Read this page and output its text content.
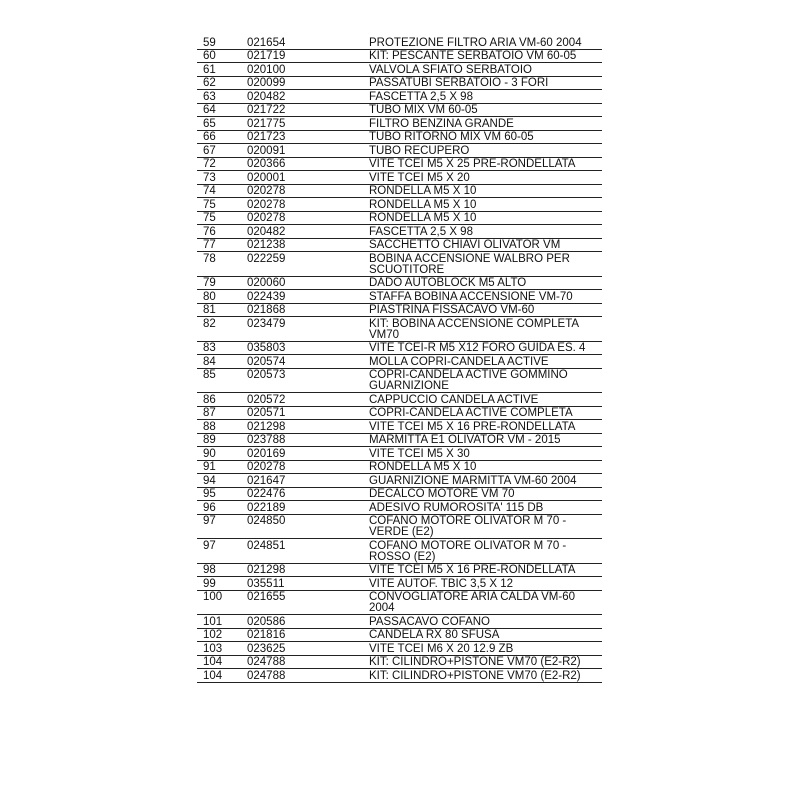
59	021654	PROTEZIONE FILTRO ARIA VM-60 2004
60	021719	KIT: PESCANTE SERBATOIO VM 60-05
61	020100	VALVOLA SFIATO SERBATOIO
62	020099	PASSATUBI SERBATOIO - 3 FORI
63	020482	FASCETTA 2,5 X 98
64	021722	TUBO MIX VM 60-05
65	021775	FILTRO BENZINA GRANDE
66	021723	TUBO RITORNO MIX VM 60-05
67	020091	TUBO RECUPERO
72	020366	VITE TCEI M5 X 25 PRE-RONDELLATA
73	020001	VITE TCEI M5 X 20
74	020278	RONDELLA M5 X 10
75	020278	RONDELLA M5 X 10
75	020278	RONDELLA M5 X 10
76	020482	FASCETTA 2,5 X 98
77	021238	SACCHETTO CHIAVI OLIVATOR VM
78	022259	BOBINA ACCENSIONE WALBRO PER SCUOTITORE
79	020060	DADO AUTOBLOCK M5 ALTO
80	022439	STAFFA BOBINA ACCENSIONE VM-70
81	021868	PIASTRINA FISSACAVO VM-60
82	023479	KIT: BOBINA ACCENSIONE COMPLETA VM70
83	035803	VITE TCEI-R M5 X12 FORO GUIDA ES. 4
84	020574	MOLLA COPRI-CANDELA ACTIVE
85	020573	COPRI-CANDELA ACTIVE GOMMINO GUARNIZIONE
86	020572	CAPPUCCIO CANDELA ACTIVE
87	020571	COPRI-CANDELA ACTIVE COMPLETA
88	021298	VITE TCEI M5 X 16 PRE-RONDELLATA
89	023788	MARMITTA E1 OLIVATOR VM - 2015
90	020169	VITE TCEI M5 X 30
91	020278	RONDELLA M5 X 10
94	021647	GUARNIZIONE MARMITTA VM-60 2004
95	022476	DECALCO MOTORE VM 70
96	022189	ADESIVO RUMOROSITA' 115 DB
97	024850	COFANO MOTORE OLIVATOR M 70 - VERDE (E2)
97	024851	COFANO MOTORE OLIVATOR M 70 - ROSSO (E2)
98	021298	VITE TCEI M5 X 16 PRE-RONDELLATA
99	035511	VITE AUTOF. TBIC 3,5 X 12
100	021655	CONVOGLIATORE ARIA CALDA VM-60 2004
101	020586	PASSACAVO COFANO
102	021816	CANDELA RX 80 SFUSA
103	023625	VITE TCEI M6 X 20 12.9 ZB
104	024788	KIT: CILINDRO+PISTONE VM70 (E2-R2)
104	024788	KIT: CILINDRO+PISTONE VM70 (E2-R2)
